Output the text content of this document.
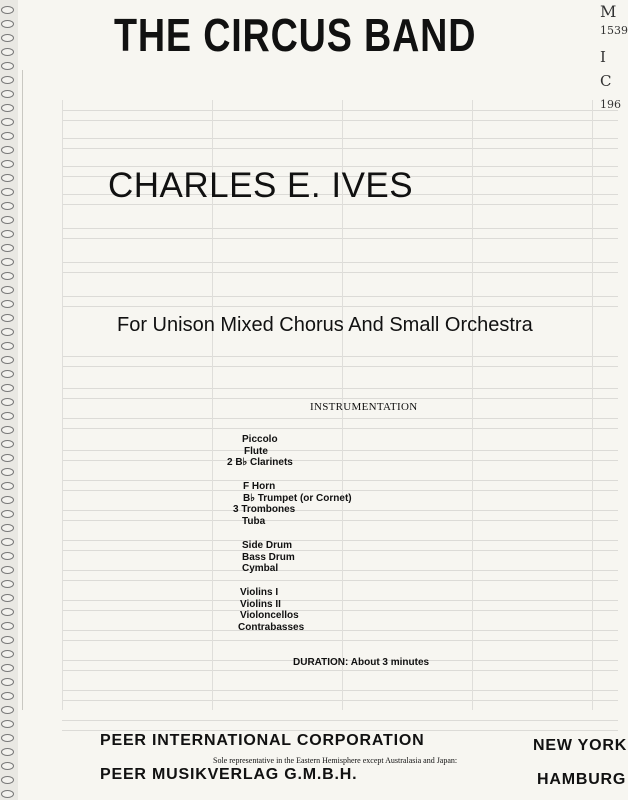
M
1539
I
C
196
THE CIRCUS BAND
CHARLES E. IVES
For Unison Mixed Chorus And Small Orchestra
INSTRUMENTATION
Piccolo
Flute
2 B♭ Clarinets
F Horn
B♭ Trumpet (or Cornet)
3 Trombones
Tuba
Side Drum
Bass Drum
Cymbal
Violins I
Violins II
Violoncellos
Contrabasses
DURATION: About 3 minutes
PEER INTERNATIONAL CORPORATION	NEW YORK
Sole representative in the Eastern Hemisphere except Australasia and Japan:
PEER MUSIKVERLAG G.M.B.H.	HAMBURG
